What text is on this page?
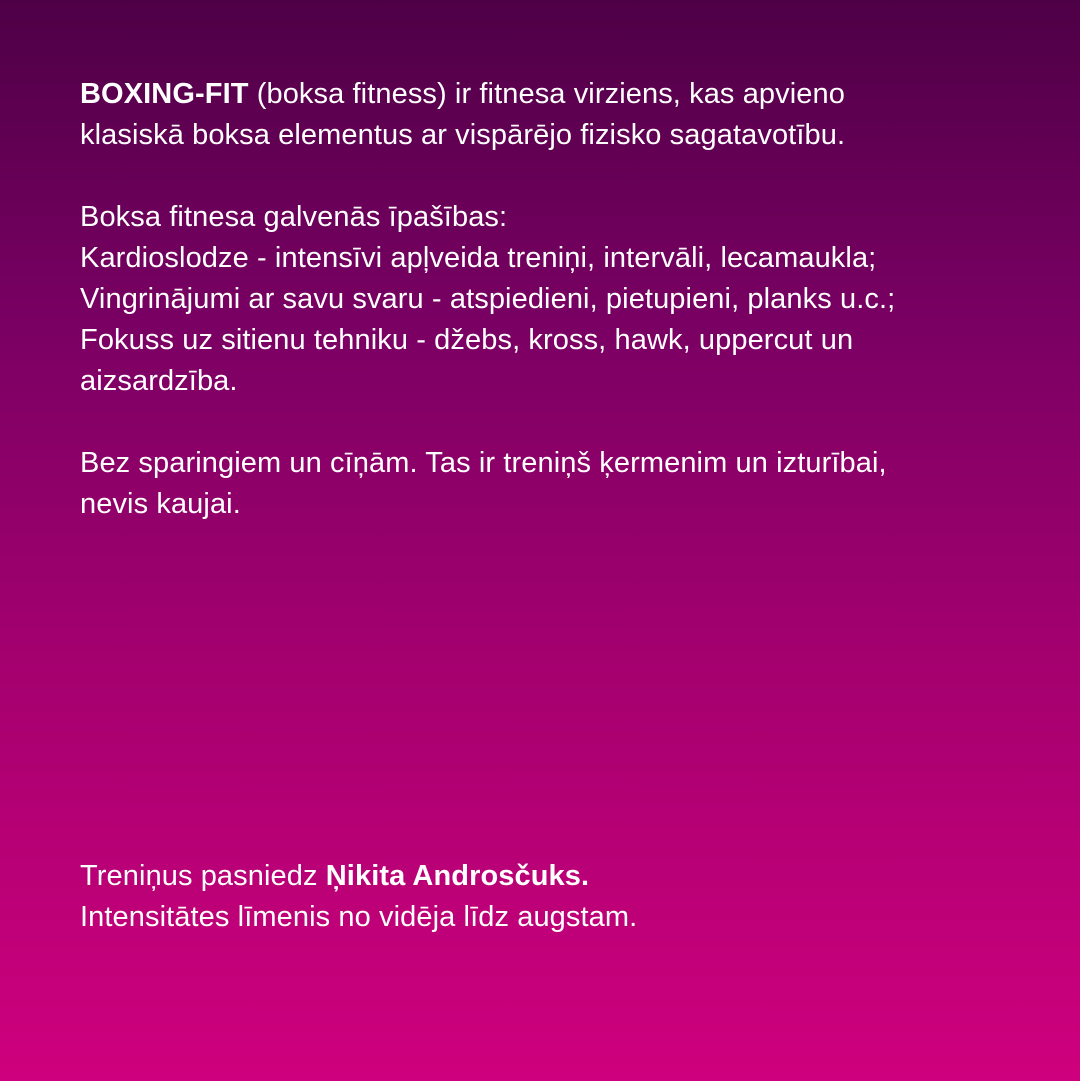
BOXING-FIT (boksa fitness) ir fitnesa virziens, kas apvieno
klasiskā boksa elementus ar vispārējo fizisko sagatavotību.

Boksa fitnesa galvenās īpašības:
Kardioslodze - intensīvi apļveida treniņi, intervāli, lecamaukla;
Vingrinājumi ar savu svaru - atspiedieni, pietupieni, planks u.c.;
Fokuss uz sitienu tehniku - džebs, kross, hawk, uppercut un
aizsardzība.

Bez sparingiem un cīņām. Tas ir treniņš ķermenim un izturībai,
nevis kaujai.

Treniņus pasniedz Ņikita Androsčuks.
Intensitātes līmenis no vidēja līdz augstam.
